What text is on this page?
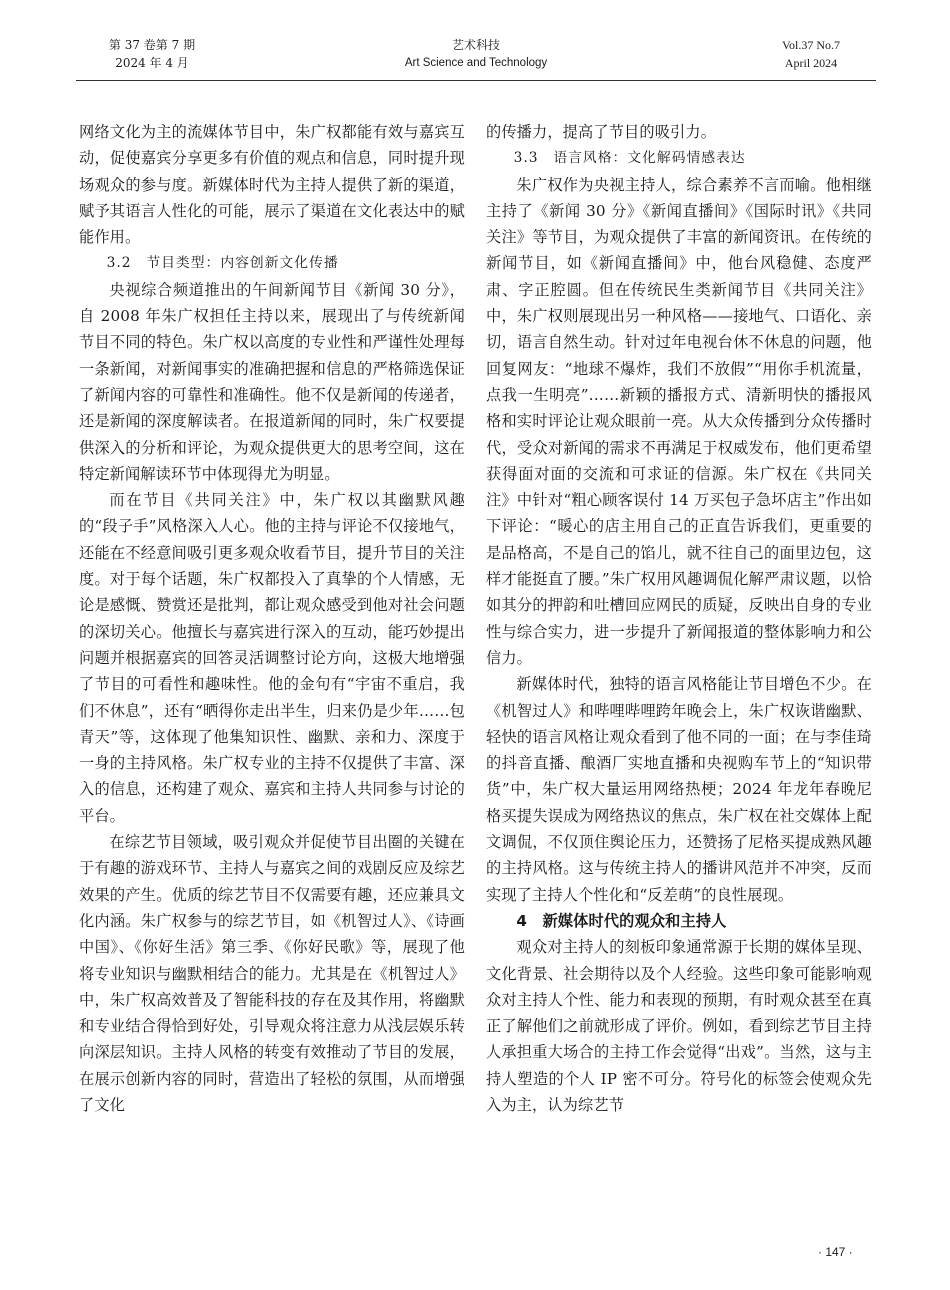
第 37 卷第 7 期
2024 年 4 月
艺术科技
Art Science and Technology
Vol.37 No.7
April 2024

网络文化为主的流媒体节目中，朱广权都能有效与嘉宾互动，促使嘉宾分享更多有价值的观点和信息，同时提升现场观众的参与度。新媒体时代为主持人提供了新的渠道，赋予其语言人性化的可能，展示了渠道在文化表达中的赋能作用。

3.2　节目类型：内容创新文化传播

央视综合频道推出的午间新闻节目《新闻 30 分》，自 2008 年朱广权担任主持以来，展现出了与传统新闻节目不同的特色。朱广权以高度的专业性和严谨性处理每一条新闻，对新闻事实的准确把握和信息的严格筛选保证了新闻内容的可靠性和准确性。他不仅是新闻的传递者，还是新闻的深度解读者。在报道新闻的同时，朱广权要提供深入的分析和评论，为观众提供更大的思考空间，这在特定新闻解读环节中体现得尤为明显。

而在节目《共同关注》中，朱广权以其幽默风趣的“段子手”风格深入人心。他的主持与评论不仅接地气，还能在不经意间吸引更多观众收看节目，提升节目的关注度。对于每个话题，朱广权都投入了真挚的个人情感，无论是感慨、赞赏还是批判，都让观众感受到他对社会问题的深切关心。他擅长与嘉宾进行深入的互动，能巧妙提出问题并根据嘉宾的回答灵活调整讨论方向，这极大地增强了节目的可看性和趣味性。他的金句有“宇宙不重启，我们不休息”，还有“晒得你走出半生，归来仍是少年……包青天”等，这体现了他集知识性、幽默、亲和力、深度于一身的主持风格。朱广权专业的主持不仅提供了丰富、深入的信息，还构建了观众、嘉宾和主持人共同参与讨论的平台。

在综艺节目领域，吸引观众并促使节目出圈的关键在于有趣的游戏环节、主持人与嘉宾之间的戏剧反应及综艺效果的产生。优质的综艺节目不仅需要有趣，还应兼具文化内涵。朱广权参与的综艺节目，如《机智过人》、《诗画中国》、《你好生活》第三季、《你好民歌》等，展现了他将专业知识与幽默相结合的能力。尤其是在《机智过人》中，朱广权高效普及了智能科技的存在及其作用，将幽默和专业结合得恰到好处，引导观众将注意力从浅层娱乐转向深层知识。主持人风格的转变有效推动了节目的发展，在展示创新内容的同时，营造出了轻松的氛围，从而增强了文化

的传播力，提高了节目的吸引力。

3.3　语言风格：文化解码情感表达

朱广权作为央视主持人，综合素养不言而喻。他相继主持了《新闻 30 分》《新闻直播间》《国际时讯》《共同关注》等节目，为观众提供了丰富的新闻资讯。在传统的新闻节目，如《新闻直播间》中，他台风稳健、态度严肃、字正腔圆。但在传统民生类新闻节目《共同关注》中，朱广权则展现出另一种风格——接地气、口语化、亲切，语言自然生动。针对过年电视台休不休息的问题，他回复网友：“地球不爆炸，我们不放假”“用你手机流量，点我一生明亮”……新颖的播报方式、清新明快的播报风格和实时评论让观众眼前一亮。从大众传播到分众传播时代，受众对新闻的需求不再满足于权威发布，他们更希望获得面对面的交流和可求证的信源。朱广权在《共同关注》中针对“粗心顾客误付 14 万买包子急坏店主”作出如下评论：“暖心的店主用自己的正直告诉我们，更重要的是品格高，不是自己的馅儿，就不往自己的面里边包，这样才能挺直了腰。”朱广权用风趣调侃化解严肃议题，以恰如其分的押韵和吐槽回应网民的质疑，反映出自身的专业性与综合实力，进一步提升了新闻报道的整体影响力和公信力。

新媒体时代，独特的语言风格能让节目增色不少。在《机智过人》和哔哩哔哩跨年晚会上，朱广权诙谐幽默、轻快的语言风格让观众看到了他不同的一面；在与李佳琦的抖音直播、酿酒厂实地直播和央视购车节上的“知识带货”中，朱广权大量运用网络热梗；2024 年龙年春晚尼格买提失误成为网络热议的焦点，朱广权在社交媒体上配文调侃，不仅顶住舆论压力，还赞扬了尼格买提成熟风趣的主持风格。这与传统主持人的播讲风范并不冲突，反而实现了主持人个性化和“反差萌”的良性展现。

4　新媒体时代的观众和主持人

观众对主持人的刻板印象通常源于长期的媒体呈现、文化背景、社会期待以及个人经验。这些印象可能影响观众对主持人个性、能力和表现的预期，有时观众甚至在真正了解他们之前就形成了评价。例如，看到综艺节目主持人承担重大场合的主持工作会觉得“出戏”。当然，这与主持人塑造的个人 IP 密不可分。符号化的标签会使观众先入为主，认为综艺节

· 147 ·
